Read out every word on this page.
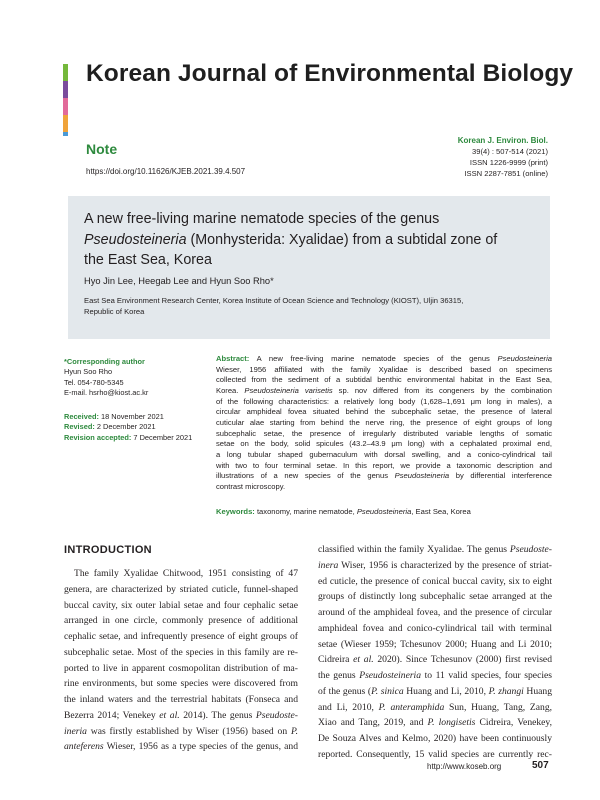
Korean Journal of Environmental Biology
Note
https://doi.org/10.11626/KJEB.2021.39.4.507
Korean J. Environ. Biol.
39(4) : 507-514 (2021)
ISSN 1226-9999 (print)
ISSN 2287-7851 (online)
A new free-living marine nematode species of the genus
Pseudosteineria (Monhysterida: Xyalidae) from a subtidal zone of
the East Sea, Korea
Hyo Jin Lee, Heegab Lee and Hyun Soo Rho*
East Sea Environment Research Center, Korea Institute of Ocean Science and Technology (KIOST), Uljin 36315,
Republic of Korea
*Corresponding author
Hyun Soo Rho
Tel. 054-780-5345
E-mail. hsrho@kiost.ac.kr
Received: 18 November 2021
Revised: 2 December 2021
Revision accepted: 7 December 2021
Abstract: A new free-living marine nematode species of the genus Pseudosteineria
Wieser, 1956 affiliated with the family Xyalidae is described based on specimens
collected from the sediment of a subtidal benthic environmental habitat in the East Sea,
Korea. Pseudosteineria varisetis sp. nov differed from its congeners by the combination
of the following characteristics: a relatively long body (1,628–1,691 μm long in males), a
circular amphideal fovea situated behind the subcephalic setae, the presence of lateral
cuticular alae starting from behind the nerve ring, the presence of eight groups of long
subcephalic setae, the presence of irregularly distributed variable lengths of somatic
setae on the body, solid spicules (43.2–43.9 μm long) with a cephalated proximal end,
a long tubular shaped gubernaculum with dorsal swelling, and a conico-cylindrical tail
with two to four terminal setae. In this report, we provide a taxonomic description and
illustrations of a new species of the genus Pseudosteineria by differential interference
contrast microscopy.
Keywords: taxonomy, marine nematode, Pseudosteineria, East Sea, Korea
INTRODUCTION
The family Xyalidae Chitwood, 1951 consisting of 47
genera, are characterized by striated cuticle, funnel-shaped
buccal cavity, six outer labial setae and four cephalic setae
arranged in one circle, commonly presence of additional
cephalic setae, and infrequently presence of eight groups of
subcephalic setae. Most of the species in this family are re-
ported to live in apparent cosmopolitan distribution of ma-
rine environments, but some species were discovered from
the inland waters and the terrestrial habitats (Fonseca and
Bezerra 2014; Venekey et al. 2014). The genus Pseudoste-
ineria was firstly established by Wiser (1956) based on P.
anteferens Wieser, 1956 as a type species of the genus, and
classified within the family Xyalidae. The genus Pseudoste-
inera Wiser, 1956 is characterized by the presence of striat-
ed cuticle, the presence of conical buccal cavity, six to eight
groups of distinctly long subcephalic setae arranged at the
around of the amphideal fovea, and the presence of circular
amphideal fovea and conico-cylindrical tail with terminal
setae (Wieser 1959; Tchesunov 2000; Huang and Li 2010;
Cidreira et al. 2020). Since Tchesunov (2000) first revised
the genus Pseudosteineria to 11 valid species, four species
of the genus (P. sinica Huang and Li, 2010, P. zhangi Huang
and Li, 2010, P. anteramphida Sun, Huang, Tang, Zang,
Xiao and Tang, 2019, and P. longisetis Cidreira, Venekey,
De Souza Alves and Kelmo, 2020) have been continuously
reported. Consequently, 15 valid species are currently rec-
http://www.koseb.org	507
